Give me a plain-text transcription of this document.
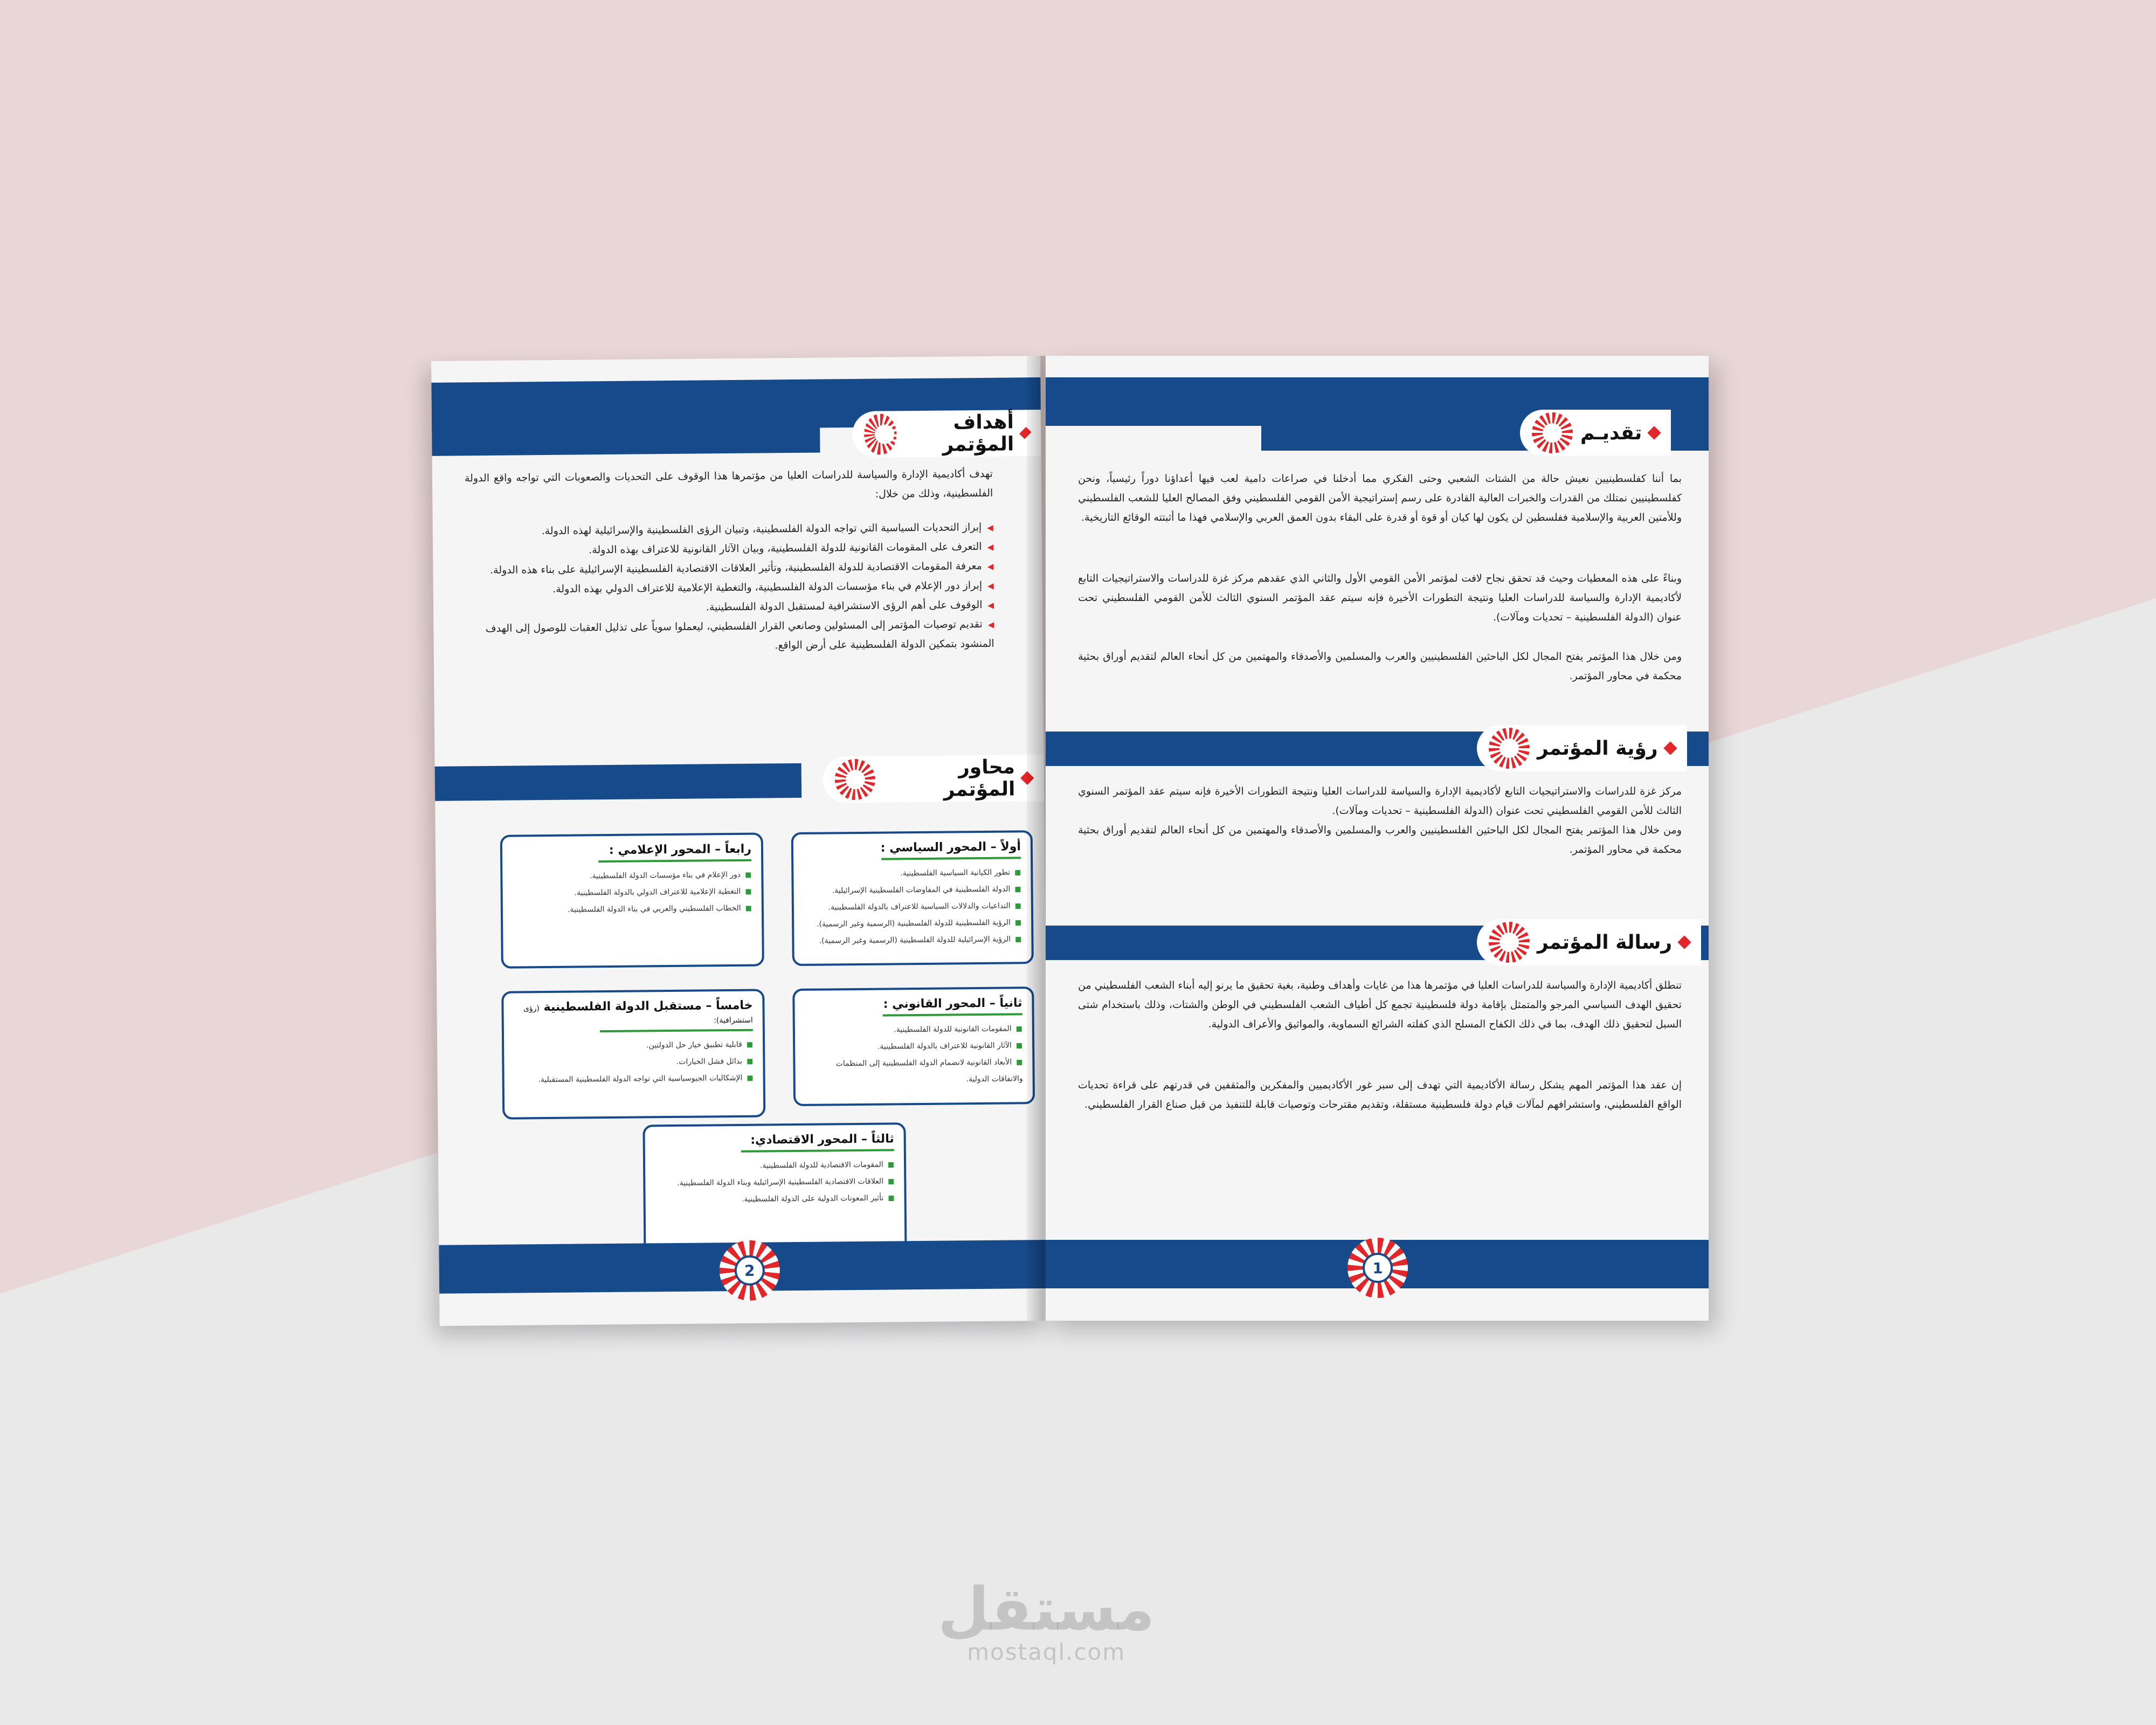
أهداف المؤتمر

تهدف أكاديمية الإدارة والسياسة للدراسات العليا من مؤتمرها هذا الوقوف على التحديات والصعوبات التي تواجه واقع الدولة الفلسطينية، وذلك من خلال:

◀ إبراز التحديات السياسية التي تواجه الدولة الفلسطينية، وتبيان الرؤى الفلسطينية والإسرائيلية لهذه الدولة.
◀ التعرف على المقومات القانونية للدولة الفلسطينية، وبيان الآثار القانونية للاعتراف بهذه الدولة.
◀ معرفة المقومات الاقتصادية للدولة الفلسطينية، وتأثير العلاقات الاقتصادية الفلسطينية الإسرائيلية على بناء هذه الدولة.
◀ إبراز دور الإعلام في بناء مؤسسات الدولة الفلسطينية، والتغطية الإعلامية للاعتراف الدولي بهذه الدولة.
◀ الوقوف على أهم الرؤى الاستشرافية لمستقبل الدولة الفلسطينية.
◀ تقديم توصيات المؤتمر إلى المسئولين وصانعي القرار الفلسطيني، ليعملوا سوياً على تذليل العقبات للوصول إلى الهدف المنشود بتمكين الدولة الفلسطينية على أرض الواقع.
محاور المؤتمر
أولاً – المحور السياسي :
■ تطور الكيانية السياسية الفلسطينية.
■ الدولة الفلسطينية في المفاوضات الفلسطينية الإسرائيلية.
■ التداعيات والدلالات السياسية للاعتراف بالدولة الفلسطينية.
■ الرؤية الفلسطينية للدولة الفلسطينية (الرسمية وغير الرسمية).
■ الرؤية الإسرائيلية للدولة الفلسطينية (الرسمية وغير الرسمية).
رابعاً – المحور الإعلامي :
■ دور الإعلام في بناء مؤسسات الدولة الفلسطينية.
■ التغطية الإعلامية للاعتراف الدولي بالدولة الفلسطينية.
■ الخطاب الفلسطيني والعربي في بناء الدولة الفلسطينية.
ثانياً – المحور القانوني :
■ المقومات القانونية للدولة الفلسطينية.
■ الآثار القانونية للاعتراف بالدولة الفلسطينية.
■ الأبعاد القانونية لانضمام الدولة الفلسطينية إلى المنظمات والاتفاقات الدولية.
خامساً – مستقبل الدولة الفلسطينية (رؤى استشرافية):
■ قابلية تطبيق خيار حل الدولتين.
■ بدائل فشل الخيارات.
■ الإشكاليات الجيوسياسية التي تواجه الدولة الفلسطينية المستقبلية.
ثالثاً – المحور الاقتصادي:
■ المقومات الاقتصادية للدولة الفلسطينية.
■ العلاقات الاقتصادية الفلسطينية الإسرائيلية وبناء الدولة الفلسطينية.
■ تأثير المعونات الدولية على الدولة الفلسطينية.
2
تقديـم

بما أننا كفلسطينيين نعيش حالة من الشتات الشعبي وحتى الفكري مما أدخلنا في صراعات دامية لعب فيها أعداؤنا دوراً رئيسياً، ونحن كفلسطينيين نمتلك من القدرات والخبرات العالية القادرة على رسم إستراتيجية الأمن القومي الفلسطيني وفق المصالح العليا للشعب الفلسطيني وللأمتين العربية والإسلامية ففلسطين لن يكون لها كيان أو قوة أو قدرة على البقاء بدون العمق العربي والإسلامي فهذا ما أثبتته الوقائع التاريخية.

وبناءً على هذه المعطيات وحيث قد تحقق نجاح لافت لمؤتمر الأمن القومي الأول والثاني الذي عقدهم مركز غزة للدراسات والاستراتيجيات التابع لأكاديمية الإدارة والسياسة للدراسات العليا ونتيجة التطورات الأخيرة فإنه سيتم عقد المؤتمر السنوي الثالث للأمن القومي الفلسطيني تحت عنوان (الدولة الفلسطينية – تحديات ومآلات).

ومن خلال هذا المؤتمر يفتح المجال لكل الباحثين الفلسطينيين والعرب والمسلمين والأصدقاء والمهتمين من كل أنحاء العالم لتقديم أوراق بحثية محكمة في محاور المؤتمر.

رؤية المؤتمر

مركز غزة للدراسات والاستراتيجيات التابع لأكاديمية الإدارة والسياسة للدراسات العليا ونتيجة التطورات الأخيرة فإنه سيتم عقد المؤتمر السنوي الثالث للأمن القومي الفلسطيني تحت عنوان (الدولة الفلسطينية – تحديات ومآلات).

ومن خلال هذا المؤتمر يفتح المجال لكل الباحثين الفلسطينيين والعرب والمسلمين والأصدقاء والمهتمين من كل أنحاء العالم لتقديم أوراق بحثية محكمة في محاور المؤتمر.

رسالة المؤتمر

تنطلق أكاديمية الإدارة والسياسة للدراسات العليا في مؤتمرها هذا من غايات وأهداف وطنية، بغية تحقيق ما يرنو إليه أبناء الشعب الفلسطيني من تحقيق الهدف السياسي المرجو والمتمثل بإقامة دولة فلسطينية تجمع كل أطياف الشعب الفلسطيني في الوطن والشتات، وذلك باستخدام شتى السبل لتحقيق ذلك الهدف، بما في ذلك الكفاح المسلح الذي كفلته الشرائع السماوية، والمواثيق والأعراف الدولية.

إن عقد هذا المؤتمر المهم يشكل رسالة الأكاديمية التي تهدف إلى سبر غور الأكاديميين والمفكرين والمثقفين في قدرتهم على قراءة تحديات الواقع الفلسطيني، واستشرافهم لمآلات قيام دولة فلسطينية مستقلة، وتقديم مقترحات وتوصيات قابلة للتنفيذ من قبل صناع القرار الفلسطيني.

1
مستقل
mostaql.com
